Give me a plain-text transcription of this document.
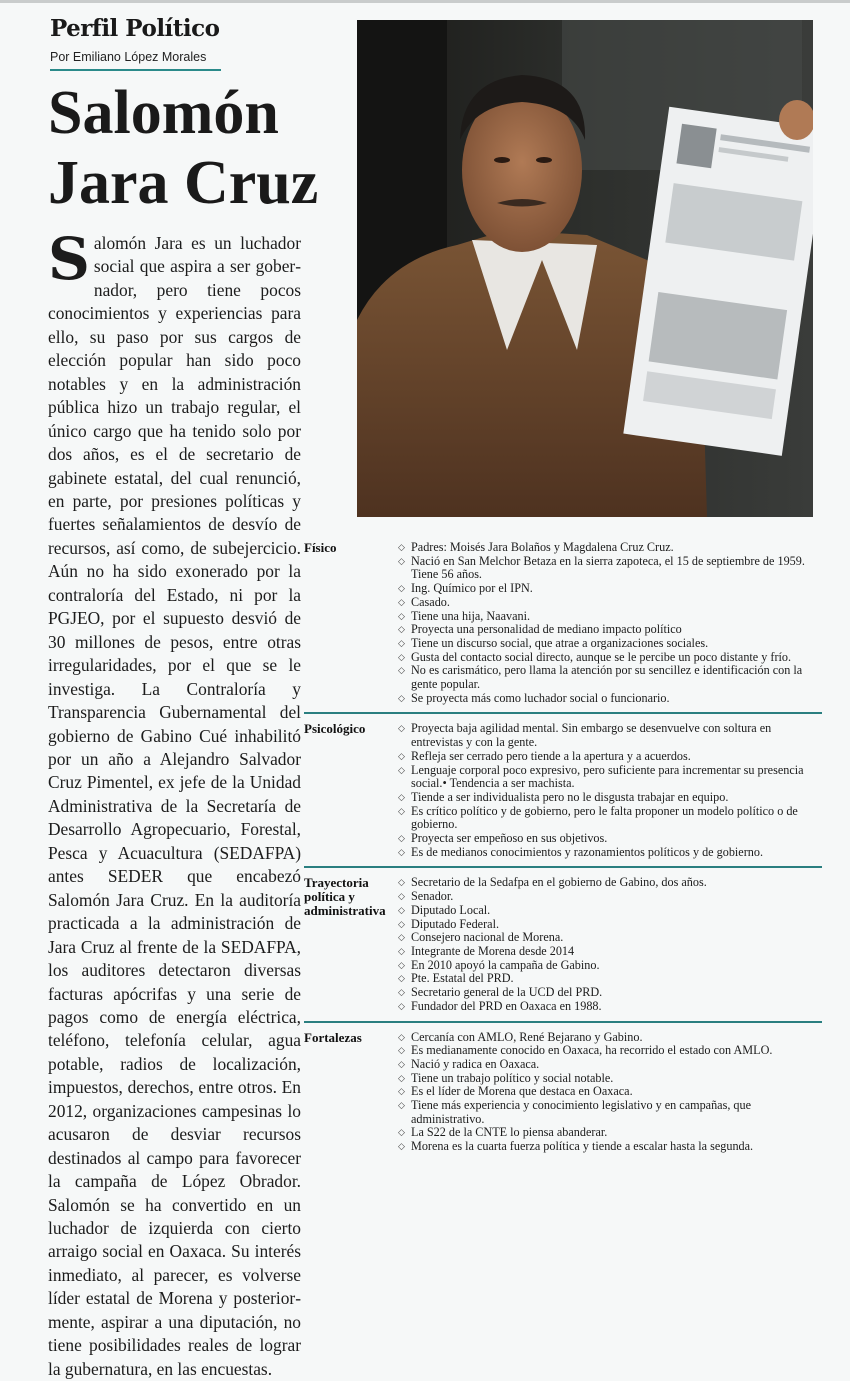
Perfil Político
Por Emiliano López Morales
Salomón
Jara Cruz
Salomón Jara es un luchador social que aspira a ser gobernador, pero tiene pocos conocimientos y experiencias para ello, su paso por sus cargos de elección popular han sido poco notables y en la administración pública hizo un trabajo regular, el único cargo que ha tenido solo por dos años, es el de secretario de gabinete estatal, del cual renunció, en parte, por presiones políticas y fuertes señalamientos de desvío de recursos, así como, de subejercicio. Aún no ha sido exonerado por la contraloría del Estado, ni por la PGJEO, por el supuesto desvió de 30 millones de pesos, entre otras irregularidades, por el que se le investiga. La Contraloría y Transparencia Gubernamental del gobierno de Gabino Cué inhabilitó por un año a Alejandro Salvador Cruz Pimentel, ex jefe de la Unidad Administrativa de la Secretaría de Desarrollo Agropecuario, Forestal, Pesca y Acuacultura (SEDAFPA) antes SEDER que encabezó Salomón Jara Cruz. En la auditoría practicada a la administración de Jara Cruz al frente de la SEDAFPA, los auditores detectaron diversas facturas apócrifas y una serie de pagos como de energía eléctrica, teléfono, telefonía celular, agua potable, radios de localización, impuestos, derechos, entre otros. En 2012, organizaciones campesinas lo acusaron de desviar recursos destinados al campo para favorecer la campaña de López Obrador. Salomón se ha convertido en un luchador de izquierda con cierto arraigo social en Oaxaca. Su interés inmediato, al parecer, es volverse líder estatal de Morena y posteriormente, aspirar a una diputación, no tiene posibilidades reales de lograr la gubernatura, en las encuestas.
Físico	◇ Padres: Moisés Jara Bolaños y Magdalena Cruz Cruz.
◇ Nació en San Melchor Betaza en la sierra zapoteca, el 15 de septiembre de 1959. Tiene 56 años.
◇ Ing. Químico por el IPN.
◇ Casado.
◇ Tiene una hija, Naavani.
◇ Proyecta una personalidad de mediano impacto político
◇ Tiene un discurso social, que atrae a organizaciones sociales.
◇ Gusta del contacto social directo, aunque se le percibe un poco distante y frío.
◇ No es carismático, pero llama la atención por su sencillez e identificación con la gente popular.
◇ Se proyecta más como luchador social o funcionario.
Psicológico	◇ Proyecta baja agilidad mental. Sin embargo se desenvuelve con soltura en entrevistas y con la gente.
◇ Refleja ser cerrado pero tiende a la apertura y a acuerdos.
◇ Lenguaje corporal poco expresivo, pero suficiente para incrementar su presencia social.• Tendencia a ser machista.
◇ Tiende a ser individualista pero no le disgusta trabajar en equipo.
◇ Es crítico político y de gobierno, pero le falta proponer un modelo político o de gobierno.
◇ Proyecta ser empeñoso en sus objetivos.
◇ Es de medianos conocimientos y razonamientos políticos y de gobierno.
Trayectoria política y administrativa
◇ Secretario de la Sedafpa en el gobierno de Gabino, dos años.
◇ Senador.
◇ Diputado Local.
◇ Diputado Federal.
◇ Consejero nacional de Morena.
◇ Integrante de Morena desde 2014
◇ En 2010 apoyó la campaña de Gabino.
◇ Pte. Estatal del PRD.
◇ Secretario general de la UCD del PRD.
◇ Fundador del PRD en Oaxaca en 1988.
Fortalezas	◇ Cercanía con AMLO, René Bejarano y Gabino.
◇ Es medianamente conocido en Oaxaca, ha recorrido el estado con AMLO.
◇ Nació y radica en Oaxaca.
◇ Tiene un trabajo político y social notable.
◇ Es el líder de Morena que destaca en Oaxaca.
◇ Tiene más experiencia y conocimiento legislativo y en campañas, que administrativo.
◇ La S22 de la CNTE lo piensa abanderar.
◇ Morena es la cuarta fuerza política y tiende a escalar hasta la segunda.
